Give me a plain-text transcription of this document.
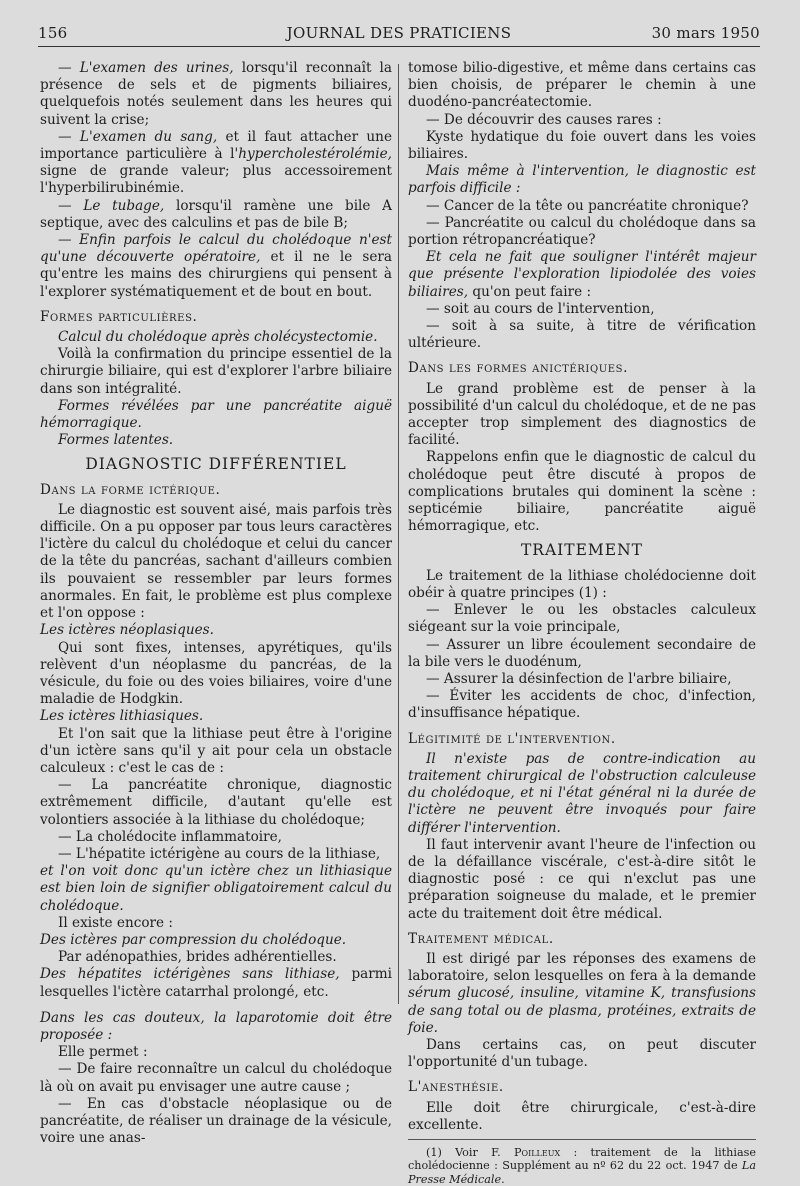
156	JOURNAL DES PRATICIENS	30 mars 1950

— L'examen des urines, lorsqu'il reconnaît la présence de sels et de pigments biliaires, quelquefois notés seulement dans les heures qui suivent la crise;

— L'examen du sang, et il faut attacher une importance particulière à l'hypercholestérolémie, signe de grande valeur; plus accessoirement l'hyperbilirubinémie.

— Le tubage, lorsqu'il ramène une bile A septique, avec des calculins et pas de bile B;

— Enfin parfois le calcul du cholédoque n'est qu'une découverte opératoire, et il ne le sera qu'entre les mains des chirurgiens qui pensent à l'explorer systématiquement et de bout en bout.

Formes particulières.

Calcul du cholédoque après cholécystectomie.

Voilà la confirmation du principe essentiel de la chirurgie biliaire, qui est d'explorer l'arbre biliaire dans son intégralité.

Formes révélées par une pancréatite aiguë hémorragique.

Formes latentes.

DIAGNOSTIC DIFFÉRENTIEL

Dans la forme ictérique.

Le diagnostic est souvent aisé, mais parfois très difficile. On a pu opposer par tous leurs caractères l'ictère du calcul du cholédoque et celui du cancer de la tête du pancréas, sachant d'ailleurs combien ils pouvaient se ressembler par leurs formes anormales. En fait, le problème est plus complexe et l'on oppose :

Les ictères néoplasiques.

Qui sont fixes, intenses, apyrétiques, qu'ils relèvent d'un néoplasme du pancréas, de la vésicule, du foie ou des voies biliaires, voire d'une maladie de Hodgkin.

Les ictères lithiasiques.

Et l'on sait que la lithiase peut être à l'origine d'un ictère sans qu'il y ait pour cela un obstacle calculeux : c'est le cas de :

— La pancréatite chronique, diagnostic extrêmement difficile, d'autant qu'elle est volontiers associée à la lithiase du cholédoque;

— La cholédocite inflammatoire,

— L'hépatite ictérigène au cours de la lithiase,

et l'on voit donc qu'un ictère chez un lithiasique est bien loin de signifier obligatoirement calcul du cholédoque.

Il existe encore :

Des ictères par compression du cholédoque.

Par adénopathies, brides adhérentielles.

Des hépatites ictérigènes sans lithiase, parmi lesquelles l'ictère catarrhal prolongé, etc.

Dans les cas douteux, la laparotomie doit être proposée :

Elle permet :

— De faire reconnaître un calcul du cholédoque là où on avait pu envisager une autre cause ;

— En cas d'obstacle néoplasique ou de pancréatite, de réaliser un drainage de la vésicule, voire une anas-

tomose bilio-digestive, et même dans certains cas bien choisis, de préparer le chemin à une duodéno-pancréatectomie.

— De découvrir des causes rares :

Kyste hydatique du foie ouvert dans les voies biliaires.

Mais même à l'intervention, le diagnostic est parfois difficile :

— Cancer de la tête ou pancréatite chronique?

— Pancréatite ou calcul du cholédoque dans sa portion rétropancréatique?

Et cela ne fait que souligner l'intérêt majeur que présente l'exploration lipiodolée des voies biliaires, qu'on peut faire :

— soit au cours de l'intervention,

— soit à sa suite, à titre de vérification ultérieure.

Dans les formes anictériques.

Le grand problème est de penser à la possibilité d'un calcul du cholédoque, et de ne pas accepter trop simplement des diagnostics de facilité.

Rappelons enfin que le diagnostic de calcul du cholédoque peut être discuté à propos de complications brutales qui dominent la scène : septicémie biliaire, pancréatite aiguë hémorragique, etc.

TRAITEMENT

Le traitement de la lithiase cholédocienne doit obéir à quatre principes (1) :

— Enlever le ou les obstacles calculeux siégeant sur la voie principale,

— Assurer un libre écoulement secondaire de la bile vers le duodénum,

— Assurer la désinfection de l'arbre biliaire,

— Éviter les accidents de choc, d'infection, d'insuffisance hépatique.

Légitimité de l'intervention.

Il n'existe pas de contre-indication au traitement chirurgical de l'obstruction calculeuse du cholédoque, et ni l'état général ni la durée de l'ictère ne peuvent être invoqués pour faire différer l'intervention.

Il faut intervenir avant l'heure de l'infection ou de la défaillance viscérale, c'est-à-dire sitôt le diagnostic posé : ce qui n'exclut pas une préparation soigneuse du malade, et le premier acte du traitement doit être médical.

Traitement médical.

Il est dirigé par les réponses des examens de laboratoire, selon lesquelles on fera à la demande sérum glucosé, insuline, vitamine K, transfusions de sang total ou de plasma, protéines, extraits de foie.

Dans certains cas, on peut discuter l'opportunité d'un tubage.

L'anesthésie.

Elle doit être chirurgicale, c'est-à-dire excellente.

(1) Voir F. Poilleux : traitement de la lithiase cholédocienne : Supplément au nº 62 du 22 oct. 1947 de La Presse Médicale.
